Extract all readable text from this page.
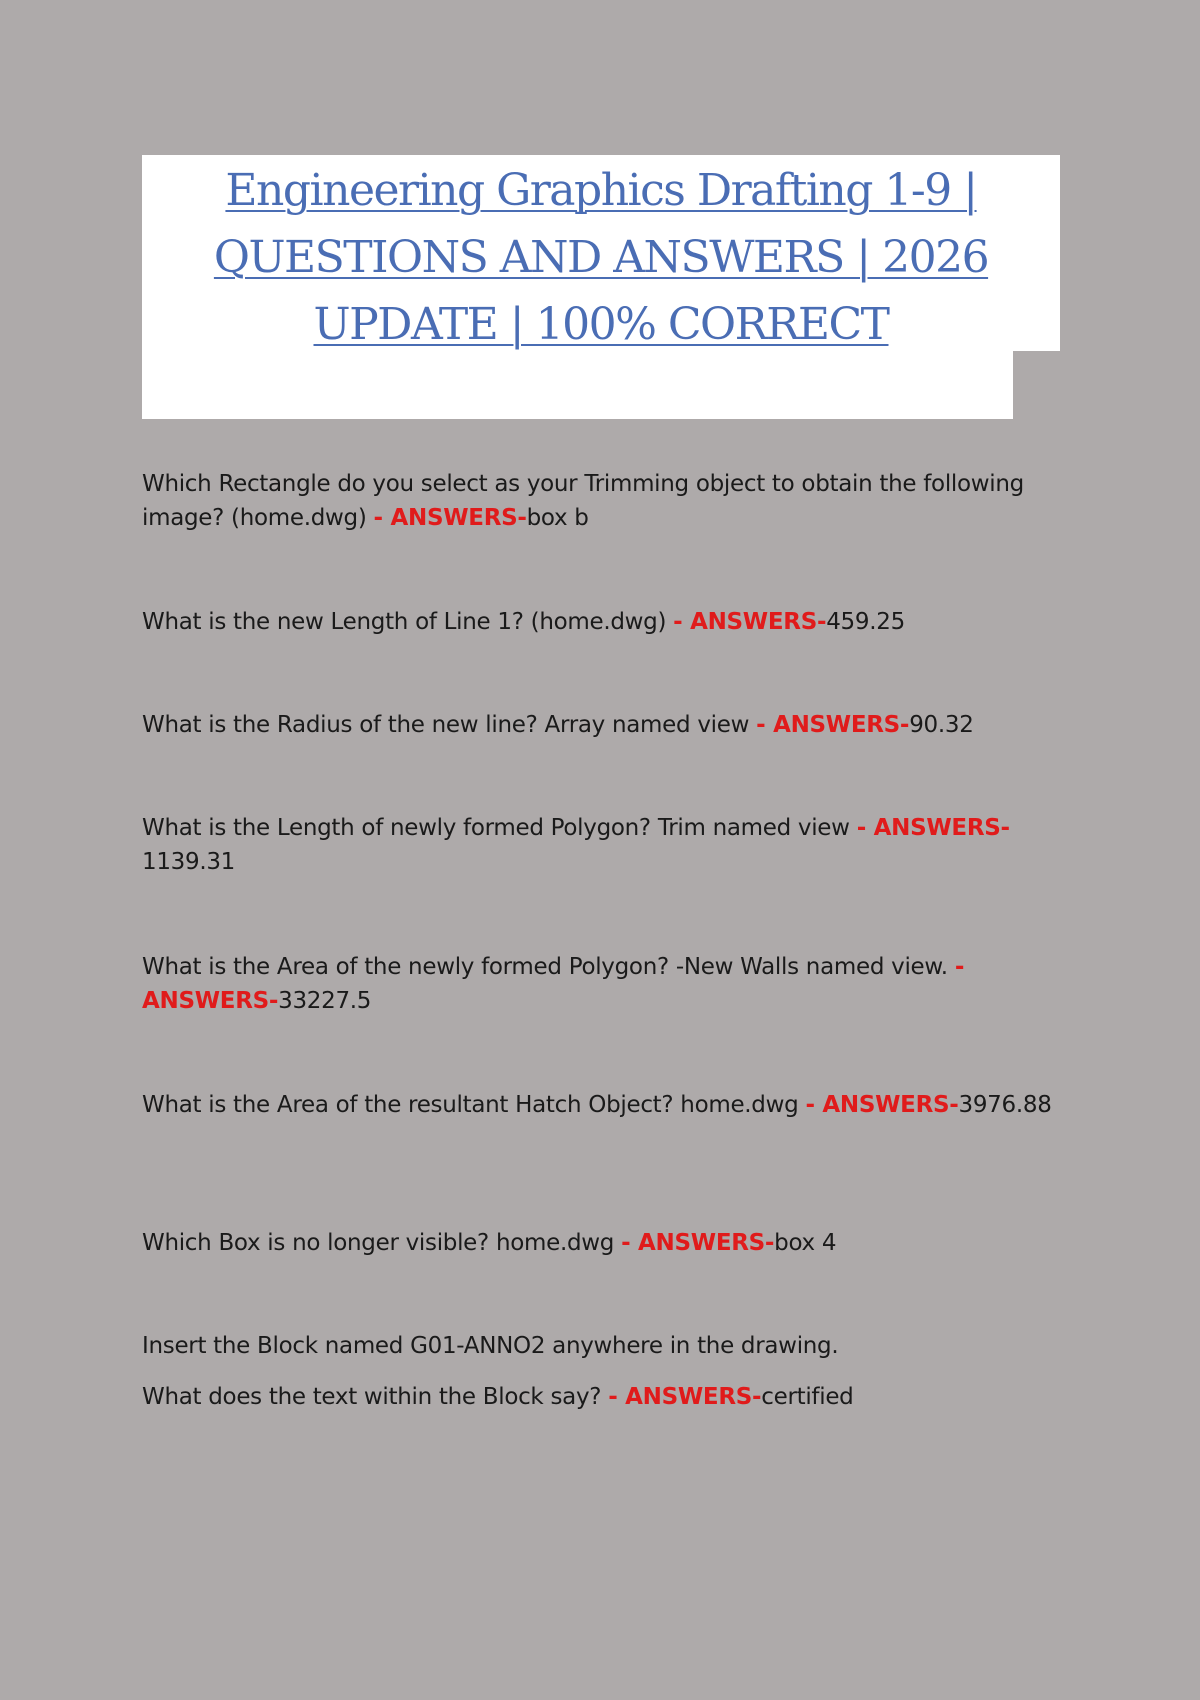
Engineering Graphics Drafting 1-9 |
QUESTIONS AND ANSWERS | 2026
UPDATE | 100% CORRECT

Which Rectangle do you select as your Trimming object to obtain the following image? (home.dwg) - ANSWERS-box b

What is the new Length of Line 1? (home.dwg) - ANSWERS-459.25

What is the Radius of the new line? Array named view - ANSWERS-90.32

What is the Length of newly formed Polygon? Trim named view - ANSWERS-1139.31

What is the Area of the newly formed Polygon? -New Walls named view. - ANSWERS-33227.5

What is the Area of the resultant Hatch Object? home.dwg - ANSWERS-3976.88

Which Box is no longer visible? home.dwg - ANSWERS-box 4

Insert the Block named G01-ANNO2 anywhere in the drawing.

What does the text within the Block say? - ANSWERS-certified
